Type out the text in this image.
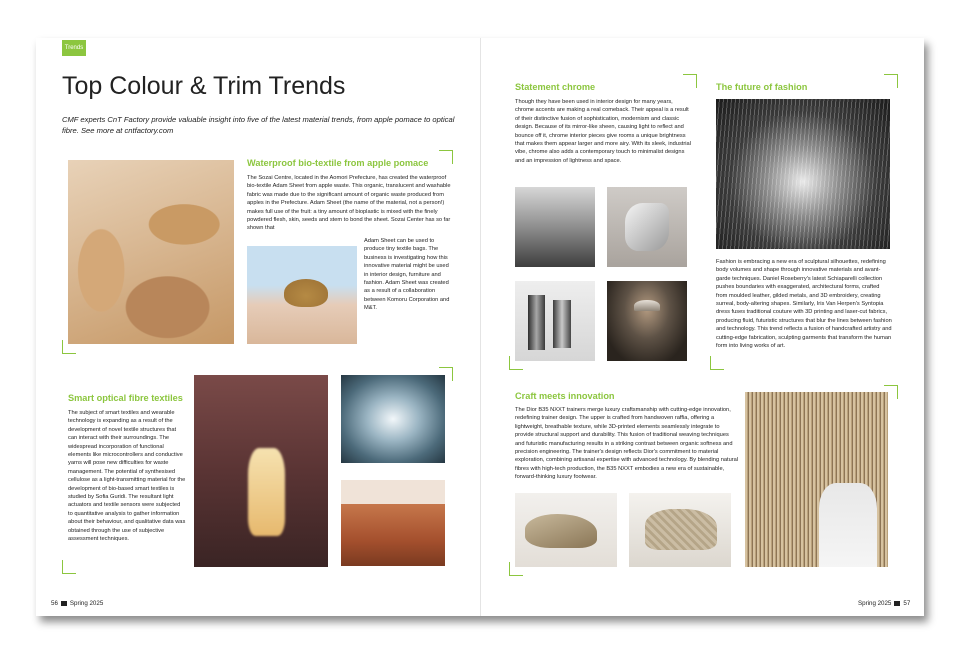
Trends
Top Colour & Trim Trends

CMF experts CnT Factory provide valuable insight into five of the latest material trends, from apple pomace to optical fibre. See more at cntfactory.com

Waterproof bio-textile from apple pomace

The Sozai Centre, located in the Aomori Prefecture, has created the waterproof bio-textile Adam Sheet from apple waste. This organic, translucent and washable fabric was made due to the significant amount of organic waste produced from apples in the Prefecture. Adam Sheet (the name of the material, not a person!) makes full use of the fruit: a tiny amount of bioplastic is mixed with the finely powdered flesh, skin, seeds and stem to bond the sheet. Sozai Center has so far shown that

Adam Sheet can be used to produce tiny textile bags. The business is investigating how this innovative material might be used in interior design, furniture and fashion. Adam Sheet was created as a result of a collaboration between Komoru Corporation and M&T.

Smart optical fibre textiles

The subject of smart textiles and wearable technology is expanding as a result of the development of novel textile structures that can interact with their surroundings. The widespread incorporation of functional elements like microcontrollers and conductive yarns will pose new difficulties for waste management. The potential of synthesised cellulose as a light-transmitting material for the development of bio-based smart textiles is studied by Sofia Guridi. The resultant light actuators and textile sensors were subjected to quantitative analysis to gather information about their behaviour, and qualitative data was obtained through the use of subjective assessment techniques.

56 Spring 2025
Statement chrome

Though they have been used in interior design for many years, chrome accents are making a real comeback. Their appeal is a result of their distinctive fusion of sophistication, modernism and classic design. Because of its mirror-like sheen, causing light to reflect and bounce off it, chrome interior pieces give rooms a unique brightness that makes them appear larger and more airy. With its sleek, industrial vibe, chrome also adds a contemporary touch to minimalist designs and an impression of lightness and space.

The future of fashion

Fashion is embracing a new era of sculptural silhouettes, redefining body volumes and shape through innovative materials and avant-garde techniques. Daniel Roseberry's latest Schiaparelli collection pushes boundaries with exaggerated, architectural forms, crafted from moulded leather, gilded metals, and 3D embroidery, creating surreal, body-altering shapes. Similarly, Iris Van Herpen's Syntopia dress fuses traditional couture with 3D printing and laser-cut fabrics, producing fluid, futuristic structures that blur the lines between fashion and technology. This trend reflects a fusion of handcrafted artistry and cutting-edge fabrication, sculpting garments that transform the human form into living works of art.

Craft meets innovation

The Dior B35 NXXT trainers merge luxury craftsmanship with cutting-edge innovation, redefining trainer design. The upper is crafted from handwoven raffia, offering a lightweight, breathable texture, while 3D-printed elements seamlessly integrate to provide structural support and durability. This fusion of traditional weaving techniques and futuristic manufacturing results in a striking contrast between organic softness and precision engineering. The trainer's design reflects Dior's commitment to material exploration, combining artisanal expertise with advanced technology. By blending natural fibres with high-tech production, the B35 NXXT embodies a new era of sustainable, forward-thinking luxury footwear.

Spring 2025 57
